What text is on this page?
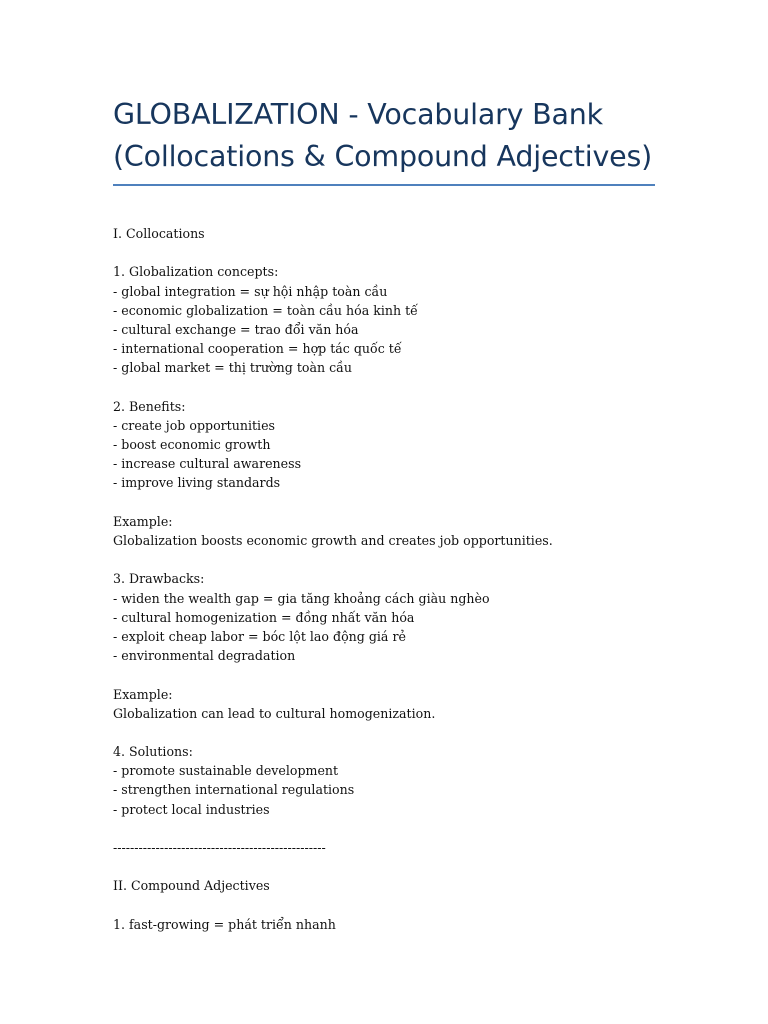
GLOBALIZATION - Vocabulary Bank
(Collocations & Compound Adjectives)
I. Collocations
1. Globalization concepts:
- global integration = sự hội nhập toàn cầu
- economic globalization = toàn cầu hóa kinh tế
- cultural exchange = trao đổi văn hóa
- international cooperation = hợp tác quốc tế
- global market = thị trường toàn cầu
2. Benefits:
- create job opportunities
- boost economic growth
- increase cultural awareness
- improve living standards
Example:
Globalization boosts economic growth and creates job opportunities.
3. Drawbacks:
- widen the wealth gap = gia tăng khoảng cách giàu nghèo
- cultural homogenization = đồng nhất văn hóa
- exploit cheap labor = bóc lột lao động giá rẻ
- environmental degradation
Example:
Globalization can lead to cultural homogenization.
4. Solutions:
- promote sustainable development
- strengthen international regulations
- protect local industries
--------------------------------------------------
II. Compound Adjectives
1. fast-growing = phát triển nhanh
